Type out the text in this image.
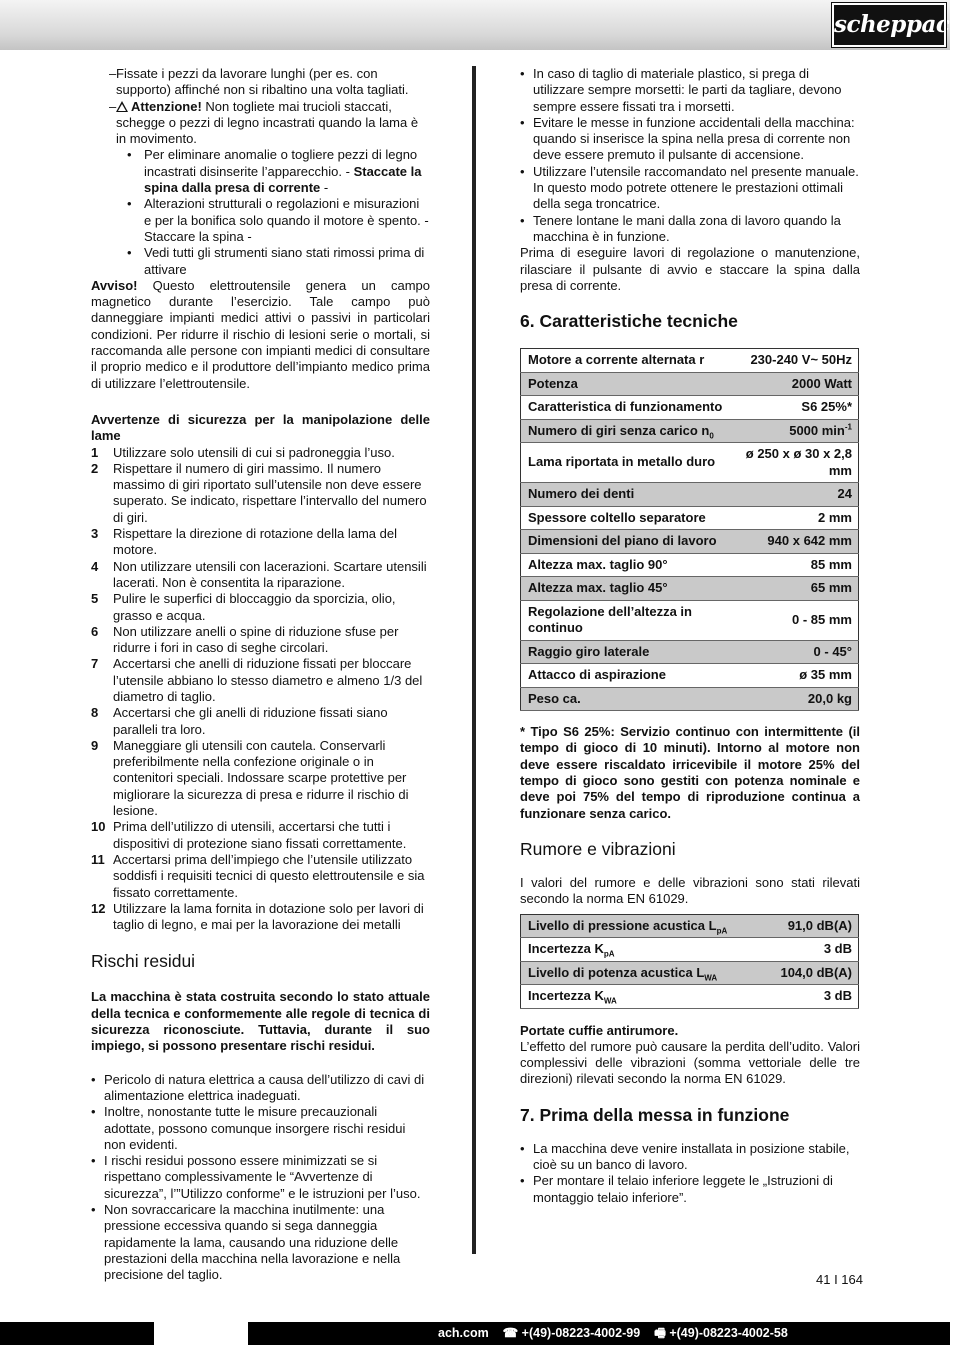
scheppach
– Fissate i pezzi da lavorare lunghi (per es. con supporto) affinché non si ribaltino una volta tagliati.
–	Attenzione! Non togliete mai trucioli staccati, schegge o pezzi di legno incastrati quando la lama è in movimento.
• Per eliminare anomalie o togliere pezzi di legno incastrati disinserite l’apparecchio. - Staccate la spina dalla presa di corrente -
• Alterazioni strutturali o regolazioni e misurazioni e per la bonifica solo quando il motore è spento. - Staccare la spina -
• Vedi tutti gli strumenti siano stati rimossi prima di attivare

Avviso! Questo elettroutensile genera un campo magnetico durante l’esercizio. Tale campo può danneggiare impianti medici attivi o passivi in particolari condizioni. Per ridurre il rischio di lesioni serie o mortali, si raccomanda alle persone con impianti medici di consultare il proprio medico e il produttore dell’impianto medico prima di utilizzare l’elettroutensile.

Avvertenze di sicurezza per la manipolazione delle lame

1	Utilizzare solo utensili di cui si padroneggia l’uso.
2	Rispettare il numero di giri massimo. Il numero massimo di giri riportato sull’utensile non deve essere superato. Se indicato, rispettare l’intervallo del numero di giri.
3	Rispettare la direzione di rotazione della lama del motore.
4	Non utilizzare utensili con lacerazioni. Scartare utensili lacerati. Non è consentita la riparazione.
5	Pulire le superfici di bloccaggio da sporcizia, olio, grasso e acqua.
6	Non utilizzare anelli o spine di riduzione sfuse per ridurre i fori in caso di seghe circolari.
7	Accertarsi che anelli di riduzione fissati per bloccare l’utensile abbiano lo stesso diametro e almeno 1/3 del diametro di taglio.
8	Accertarsi che gli anelli di riduzione fissati siano paralleli tra loro.
9	Maneggiare gli utensili con cautela. Conservarli preferibilmente nella confezione originale o in contenitori speciali. Indossare scarpe protettive per migliorare la sicurezza di presa e ridurre il rischio di lesione.
10 Prima dell’utilizzo di utensili, accertarsi che tutti i dispositivi di protezione siano fissati correttamente.
11 Accertarsi prima dell’impiego che l’utensile utilizzato soddisfi i requisiti tecnici di questo elettroutensile e sia fissato correttamente.
12 Utilizzare la lama fornita in dotazione solo per lavori di taglio di legno, e mai per la lavorazione dei metalli
Rischi residui

La macchina è stata costruita secondo lo stato attuale della tecnica e conformemente alle regole di tecnica di sicurezza riconosciute. Tuttavia, durante il suo impiego, si possono presentare rischi residui.

• Pericolo di natura elettrica a causa dell’utilizzo di cavi di alimentazione elettrica inadeguati.
• Inoltre, nonostante tutte le misure precauzionali adottate, possono comunque insorgere rischi residui non evidenti.
• I rischi residui possono essere minimizzati se si rispettano complessivamente le “Avvertenze di sicurezza”, l’”Utilizzo conforme” e le istruzioni per l’uso.
• Non sovraccaricare la macchina inutilmente: una pressione eccessiva quando si sega danneggia rapidamente la lama, causando una riduzione delle prestazioni della macchina nella lavorazione e nella precisione del taglio.
• In caso di taglio di materiale plastico, si prega di utilizzare sempre morsetti: le parti da tagliare, devono sempre essere fissati tra i morsetti.
• Evitare le messe in funzione accidentali della macchina: quando si inserisce la spina nella presa di corrente non deve essere premuto il pulsante di accensione.
• Utilizzare l’utensile raccomandato nel presente manuale. In questo modo potrete ottenere le prestazioni ottimali della sega troncatrice.
• Tenere lontane le mani dalla zona di lavoro quando la macchina è in funzione.

Prima di eseguire lavori di regolazione o manutenzione, rilasciare il pulsante di avvio e staccare la spina dalla presa di corrente.

6. Caratteristiche tecniche
Motore a corrente alternata r	230-240 V~ 50Hz
Potenza	2000 Watt
Caratteristica di funzionamento	S6 25%*
Numero di giri senza carico $n_0$	5000 $\min^{-1}$
Lama riportata in metallo duro	ø 250 x ø 30 x 2,8 mm
Numero dei denti	24
Spessore coltello separatore	2 mm
Dimensioni del piano di lavoro	940 x 642 mm
Altezza max. taglio 90°	85 mm
Altezza max. taglio 45°	65 mm
Regolazione dell’altezza in continuo	0 - 85 mm
Raggio giro laterale	0 - 45°
Attacco di aspirazione	ø 35 mm
Peso ca.	20,0 kg

* Tipo S6 25%: Servizio continuo con intermittente (il tempo di gioco di 10 minuti). Intorno al motore non deve essere riscaldato irricevibile il motore 25% del tempo di gioco sono gestiti con potenza nominale e deve poi 75% del tempo di riproduzione continua a funzionare senza carico.

Rumore e vibrazioni

I valori del rumore e delle vibrazioni sono stati rilevati secondo la norma EN 61029.

Livello di pressione acustica $L_{pA}$	91,0 dB(A)
Incertezza $K_{pA}$	3 dB
Livello di potenza acustica $L_{WA}$	104,0 dB(A)
Incertezza $K_{WA}$	3 dB

Portate cuffie antirumore.

L’effetto del rumore può causare la perdita dell’udito. Valori complessivi delle vibrazioni (somma vettoriale delle tre direzioni) rilevati secondo la norma EN 61029.

7. Prima della messa in funzione
• La macchina deve venire installata in posizione stabile, cioè su un banco di lavoro.
• Per montare il telaio inferiore leggete le „Istruzioni di montaggio telaio inferiore”.
41 I 164
ach.com ☎ +(49)-08223-4002-99 🖷 +(49)-08223-4002-58
